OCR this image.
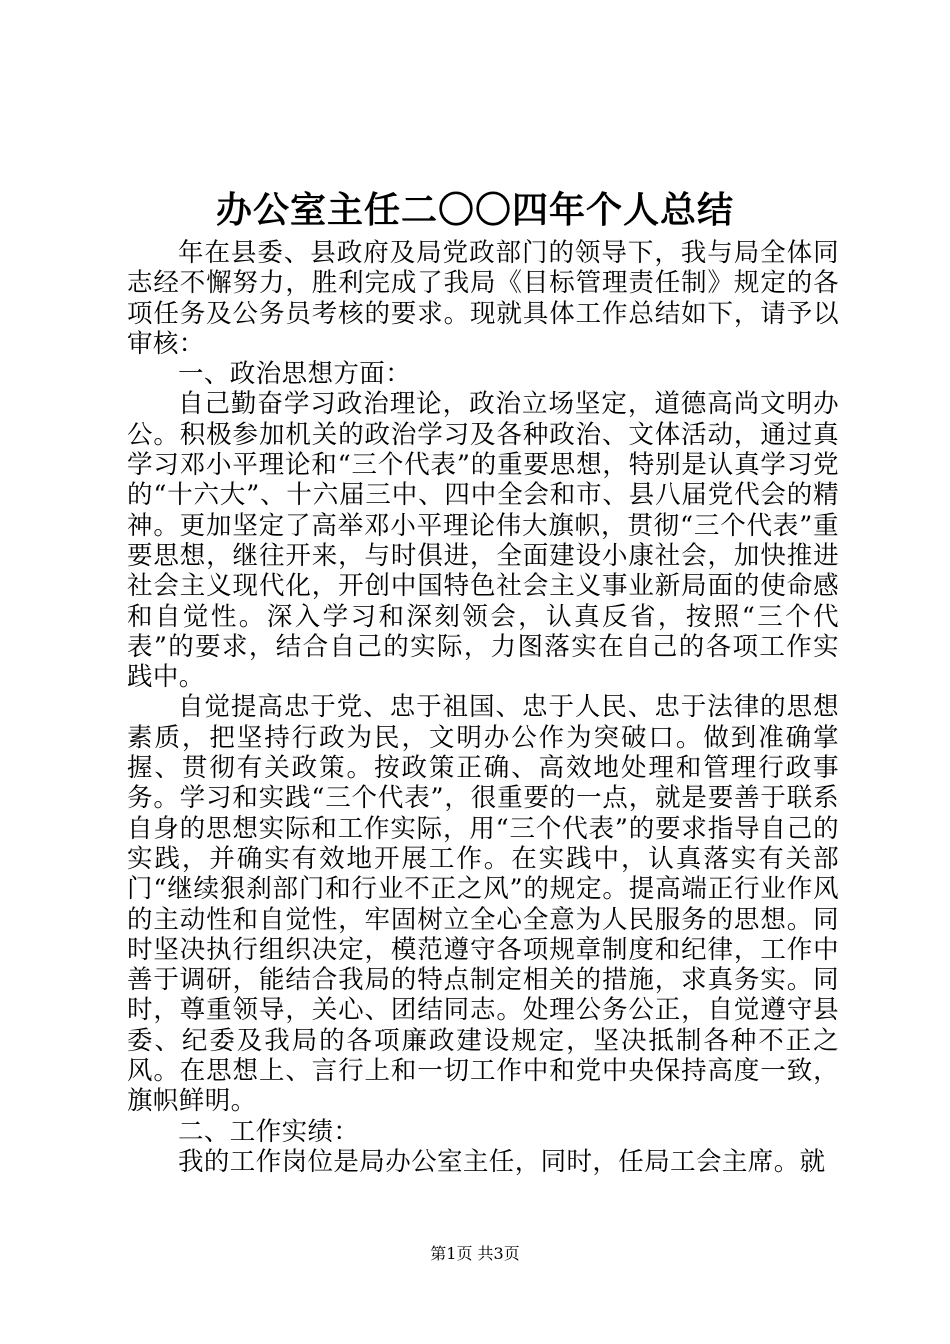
办公室主任二〇〇四年个人总结

年在县委、县政府及局党政部门的领导下，我与局全体同志经不懈努力，胜利完成了我局《目标管理责任制》规定的各项任务及公务员考核的要求。现就具体工作总结如下，请予以审核：

一、政治思想方面：

自己勤奋学习政治理论，政治立场坚定，道德高尚文明办公。积极参加机关的政治学习及各种政治、文体活动，通过真学习邓小平理论和“三个代表”的重要思想，特别是认真学习党的“十六大”、十六届三中、四中全会和市、县八届党代会的精神。更加坚定了高举邓小平理论伟大旗帜，贯彻“三个代表”重要思想，继往开来，与时俱进，全面建设小康社会，加快推进社会主义现代化，开创中国特色社会主义事业新局面的使命感和自觉性。深入学习和深刻领会，认真反省，按照“三个代表”的要求，结合自己的实际，力图落实在自己的各项工作实践中。

自觉提高忠于党、忠于祖国、忠于人民、忠于法律的思想素质，把坚持行政为民，文明办公作为突破口。做到准确掌握、贯彻有关政策。按政策正确、高效地处理和管理行政事务。学习和实践“三个代表”，很重要的一点，就是要善于联系自身的思想实际和工作实际，用“三个代表”的要求指导自己的实践，并确实有效地开展工作。在实践中，认真落实有关部门“继续狠刹部门和行业不正之风”的规定。提高端正行业作风的主动性和自觉性，牢固树立全心全意为人民服务的思想。同时坚决执行组织决定，模范遵守各项规章制度和纪律，工作中善于调研，能结合我局的特点制定相关的措施，求真务实。同时，尊重领导，关心、团结同志。处理公务公正，自觉遵守县委、纪委及我局的各项廉政建设规定，坚决抵制各种不正之风。在思想上、言行上和一切工作中和党中央保持高度一致，旗帜鲜明。

二、工作实绩：

我的工作岗位是局办公室主任，同时，任局工会主席。就

第1页 共3页
